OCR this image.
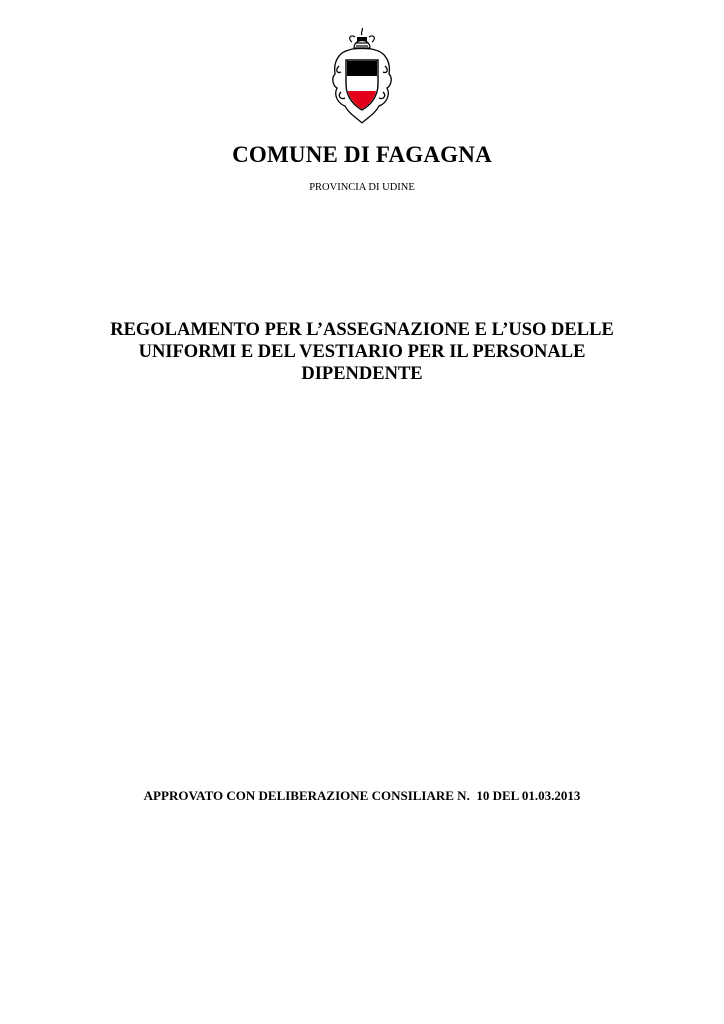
COMUNE DI FAGAGNA
PROVINCIA DI UDINE
REGOLAMENTO PER L’ASSEGNAZIONE E L’USO DELLE
UNIFORMI E DEL VESTIARIO PER IL PERSONALE
DIPENDENTE
APPROVATO CON DELIBERAZIONE CONSILIARE N.  10 DEL 01.03.2013
